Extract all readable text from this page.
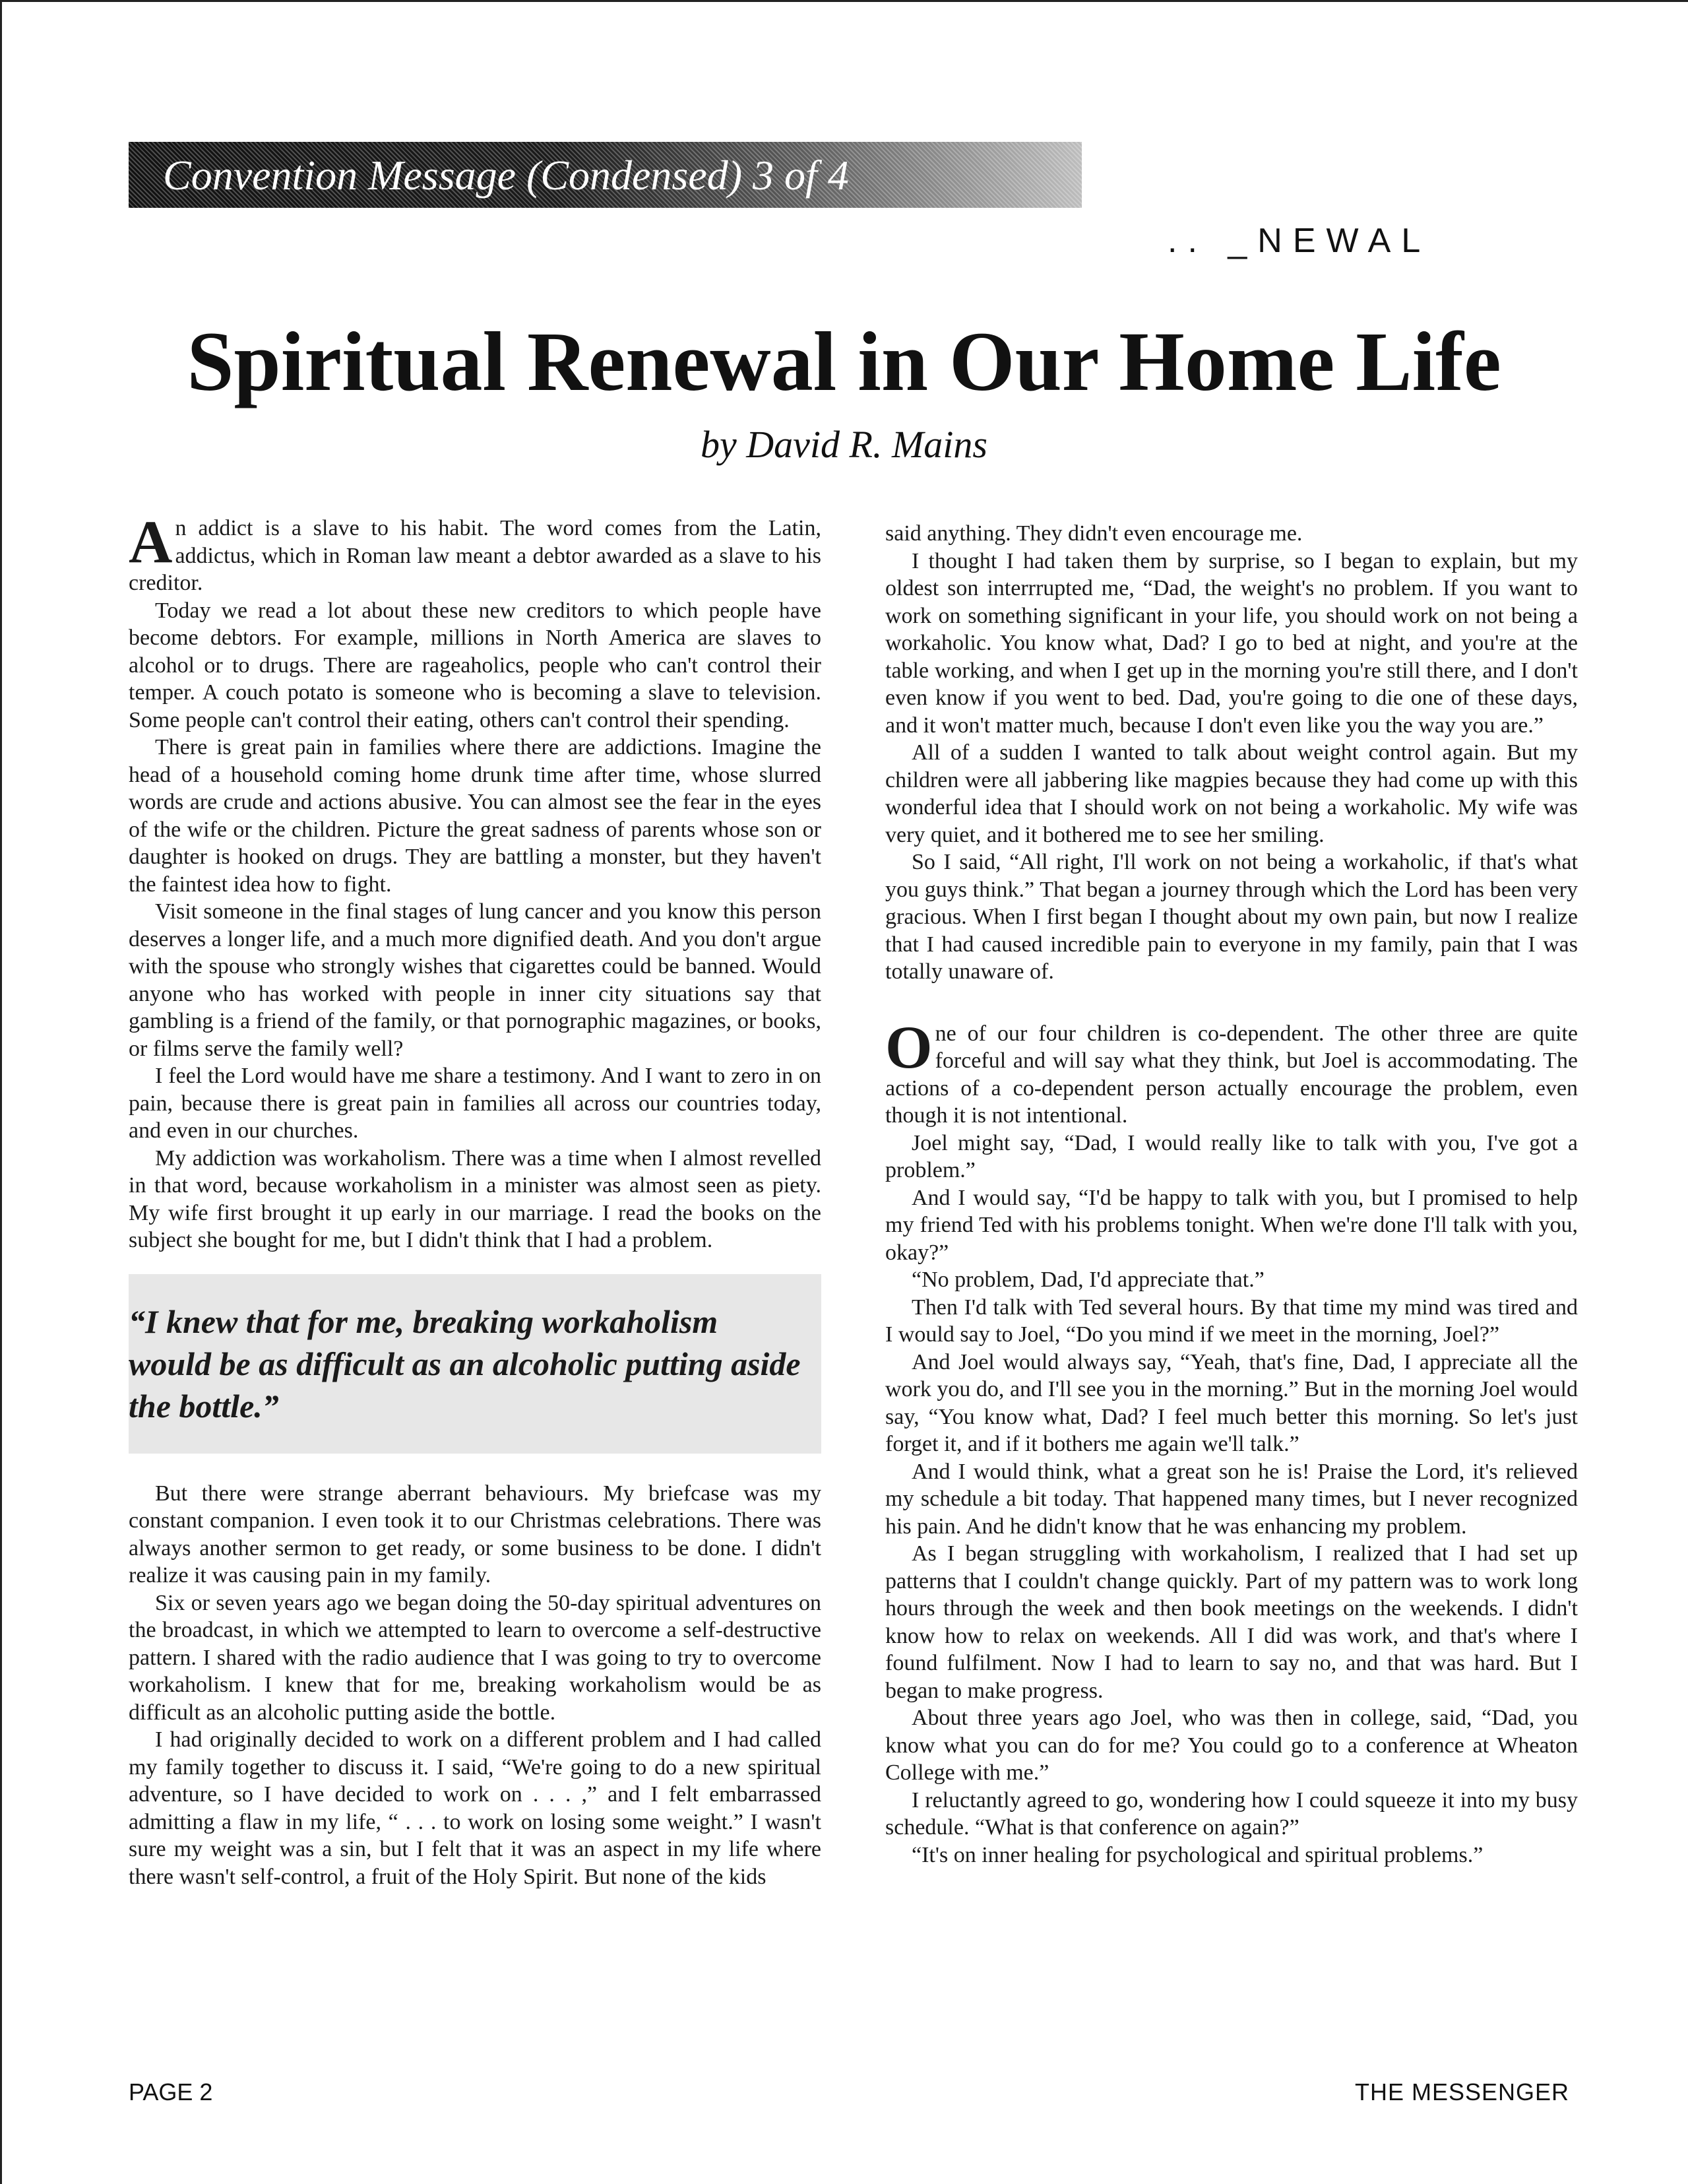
Convention Message (Condensed) 3 of 4
.. _NEWAL
Spiritual Renewal in Our Home Life
by David R. Mains

An addict is a slave to his habit. The word comes from the Latin, addictus, which in Roman law meant a debtor awarded as a slave to his creditor.

Today we read a lot about these new creditors to which people have become debtors. For example, millions in North America are slaves to alcohol or to drugs. There are rageaholics, people who can't control their temper. A couch potato is someone who is becoming a slave to television. Some people can't control their eating, others can't control their spending.

There is great pain in families where there are addictions. Imagine the head of a household coming home drunk time after time, whose slurred words are crude and actions abusive. You can almost see the fear in the eyes of the wife or the children. Picture the great sadness of parents whose son or daughter is hooked on drugs. They are battling a monster, but they haven't the faintest idea how to fight.

Visit someone in the final stages of lung cancer and you know this person deserves a longer life, and a much more dignified death. And you don't argue with the spouse who strongly wishes that cigarettes could be banned. Would anyone who has worked with people in inner city situations say that gambling is a friend of the family, or that pornographic magazines, or books, or films serve the family well?

I feel the Lord would have me share a testimony. And I want to zero in on pain, because there is great pain in families all across our countries today, and even in our churches.

My addiction was workaholism. There was a time when I almost revelled in that word, because workaholism in a minister was almost seen as piety. My wife first brought it up early in our marriage. I read the books on the subject she bought for me, but I didn't think that I had a problem.

“I knew that for me, breaking workaholism would be as difficult as an alcoholic putting aside the bottle.”

But there were strange aberrant behaviours. My briefcase was my constant companion. I even took it to our Christmas celebrations. There was always another sermon to get ready, or some business to be done. I didn't realize it was causing pain in my family.

Six or seven years ago we began doing the 50-day spiritual adventures on the broadcast, in which we attempted to learn to overcome a self-destructive pattern. I shared with the radio audience that I was going to try to overcome workaholism. I knew that for me, breaking workaholism would be as difficult as an alcoholic putting aside the bottle.

I had originally decided to work on a different problem and I had called my family together to discuss it. I said, “We're going to do a new spiritual adventure, so I have decided to work on . . . ,” and I felt embarrassed admitting a flaw in my life, “ . . . to work on losing some weight.” I wasn't sure my weight was a sin, but I felt that it was an aspect in my life where there wasn't self-control, a fruit of the Holy Spirit. But none of the kids

said anything. They didn't even encourage me.

I thought I had taken them by surprise, so I began to explain, but my oldest son interrrupted me, “Dad, the weight's no problem. If you want to work on something significant in your life, you should work on not being a workaholic. You know what, Dad? I go to bed at night, and you're at the table working, and when I get up in the morning you're still there, and I don't even know if you went to bed. Dad, you're going to die one of these days, and it won't matter much, because I don't even like you the way you are.”

All of a sudden I wanted to talk about weight control again. But my children were all jabbering like magpies because they had come up with this wonderful idea that I should work on not being a workaholic. My wife was very quiet, and it bothered me to see her smiling.

So I said, “All right, I'll work on not being a workaholic, if that's what you guys think.” That began a journey through which the Lord has been very gracious. When I first began I thought about my own pain, but now I realize that I had caused incredible pain to everyone in my family, pain that I was totally unaware of.

One of our four children is co-dependent. The other three are quite forceful and will say what they think, but Joel is accommodating. The actions of a co-dependent person actually encourage the problem, even though it is not intentional.

Joel might say, “Dad, I would really like to talk with you, I've got a problem.”

And I would say, “I'd be happy to talk with you, but I promised to help my friend Ted with his problems tonight. When we're done I'll talk with you, okay?”

“No problem, Dad, I'd appreciate that.”

Then I'd talk with Ted several hours. By that time my mind was tired and I would say to Joel, “Do you mind if we meet in the morning, Joel?”

And Joel would always say, “Yeah, that's fine, Dad, I appreciate all the work you do, and I'll see you in the morning.” But in the morning Joel would say, “You know what, Dad? I feel much better this morning. So let's just forget it, and if it bothers me again we'll talk.”

And I would think, what a great son he is! Praise the Lord, it's relieved my schedule a bit today. That happened many times, but I never recognized his pain. And he didn't know that he was enhancing my problem.

As I began struggling with workaholism, I realized that I had set up patterns that I couldn't change quickly. Part of my pattern was to work long hours through the week and then book meetings on the weekends. I didn't know how to relax on weekends. All I did was work, and that's where I found fulfilment. Now I had to learn to say no, and that was hard. But I began to make progress.

About three years ago Joel, who was then in college, said, “Dad, you know what you can do for me? You could go to a conference at Wheaton College with me.”

I reluctantly agreed to go, wondering how I could squeeze it into my busy schedule. “What is that conference on again?”

“It's on inner healing for psychological and spiritual problems.”

PAGE 2	THE MESSENGER
